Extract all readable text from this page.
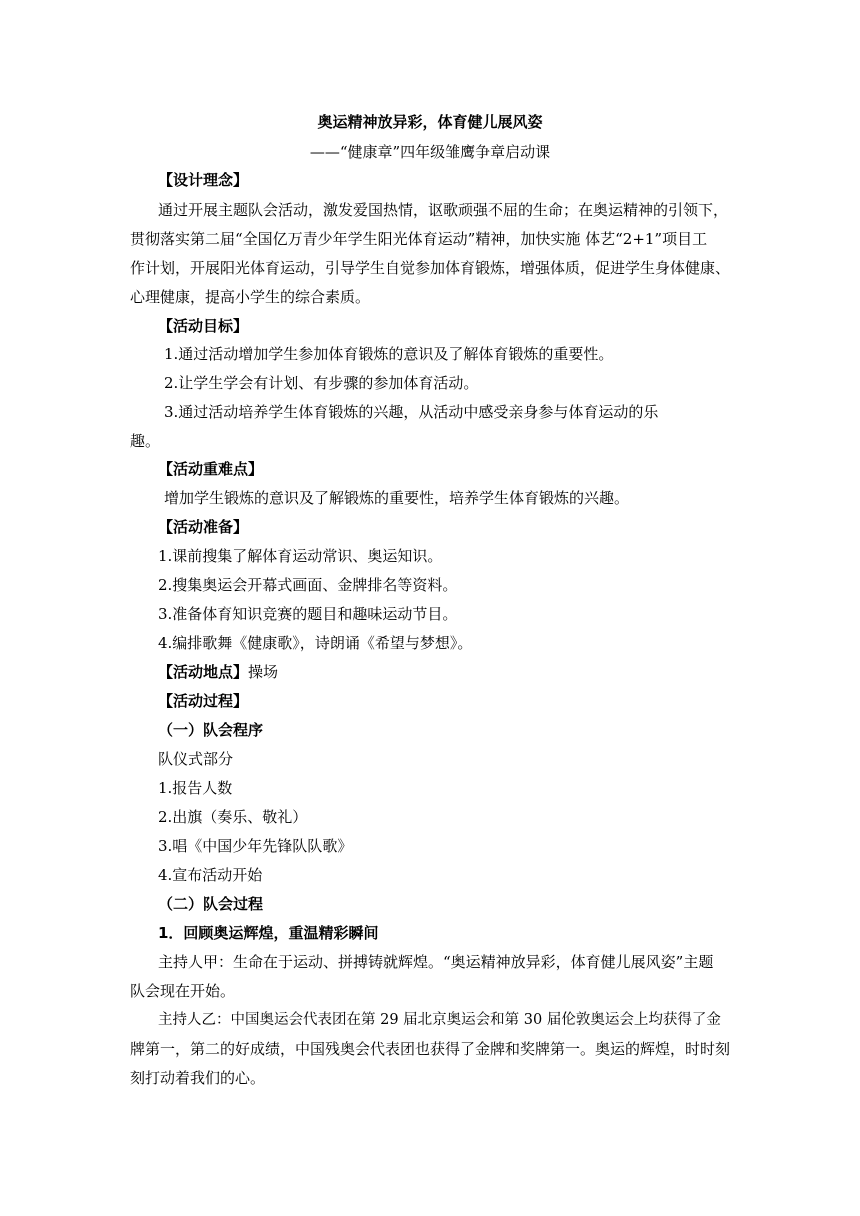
奥运精神放异彩，体育健儿展风姿
——“健康章”四年级雏鹰争章启动课
【设计理念】
通过开展主题队会活动，激发爱国热情，讴歌顽强不屈的生命；在奥运精神的引领下，
贯彻落实第二届“全国亿万青少年学生阳光体育运动”精神，加快实施 体艺“2+1”项目工
作计划，开展阳光体育运动，引导学生自觉参加体育锻炼，增强体质，促进学生身体健康、
心理健康，提高小学生的综合素质。
【活动目标】
1.通过活动增加学生参加体育锻炼的意识及了解体育锻炼的重要性。
2.让学生学会有计划、有步骤的参加体育活动。
3.通过活动培养学生体育锻炼的兴趣，从活动中感受亲身参与体育运动的乐
趣。
【活动重难点】
增加学生锻炼的意识及了解锻炼的重要性，培养学生体育锻炼的兴趣。
【活动准备】
1.课前搜集了解体育运动常识、奥运知识。
2.搜集奥运会开幕式画面、金牌排名等资料。
3.准备体育知识竞赛的题目和趣味运动节目。
4.编排歌舞《健康歌》，诗朗诵《希望与梦想》。
【活动地点】操场
【活动过程】
（一）队会程序
队仪式部分
1.报告人数
2.出旗（奏乐、敬礼）
3.唱《中国少年先锋队队歌》
4.宣布活动开始
（二）队会过程
1．回顾奥运辉煌，重温精彩瞬间
主持人甲：生命在于运动、拼搏铸就辉煌。“奥运精神放异彩，体育健儿展风姿”主题
队会现在开始。
主持人乙：中国奥运会代表团在第 29 届北京奥运会和第 30 届伦敦奥运会上均获得了金
牌第一，第二的好成绩，中国残奥会代表团也获得了金牌和奖牌第一。奥运的辉煌，时时刻
刻打动着我们的心。
